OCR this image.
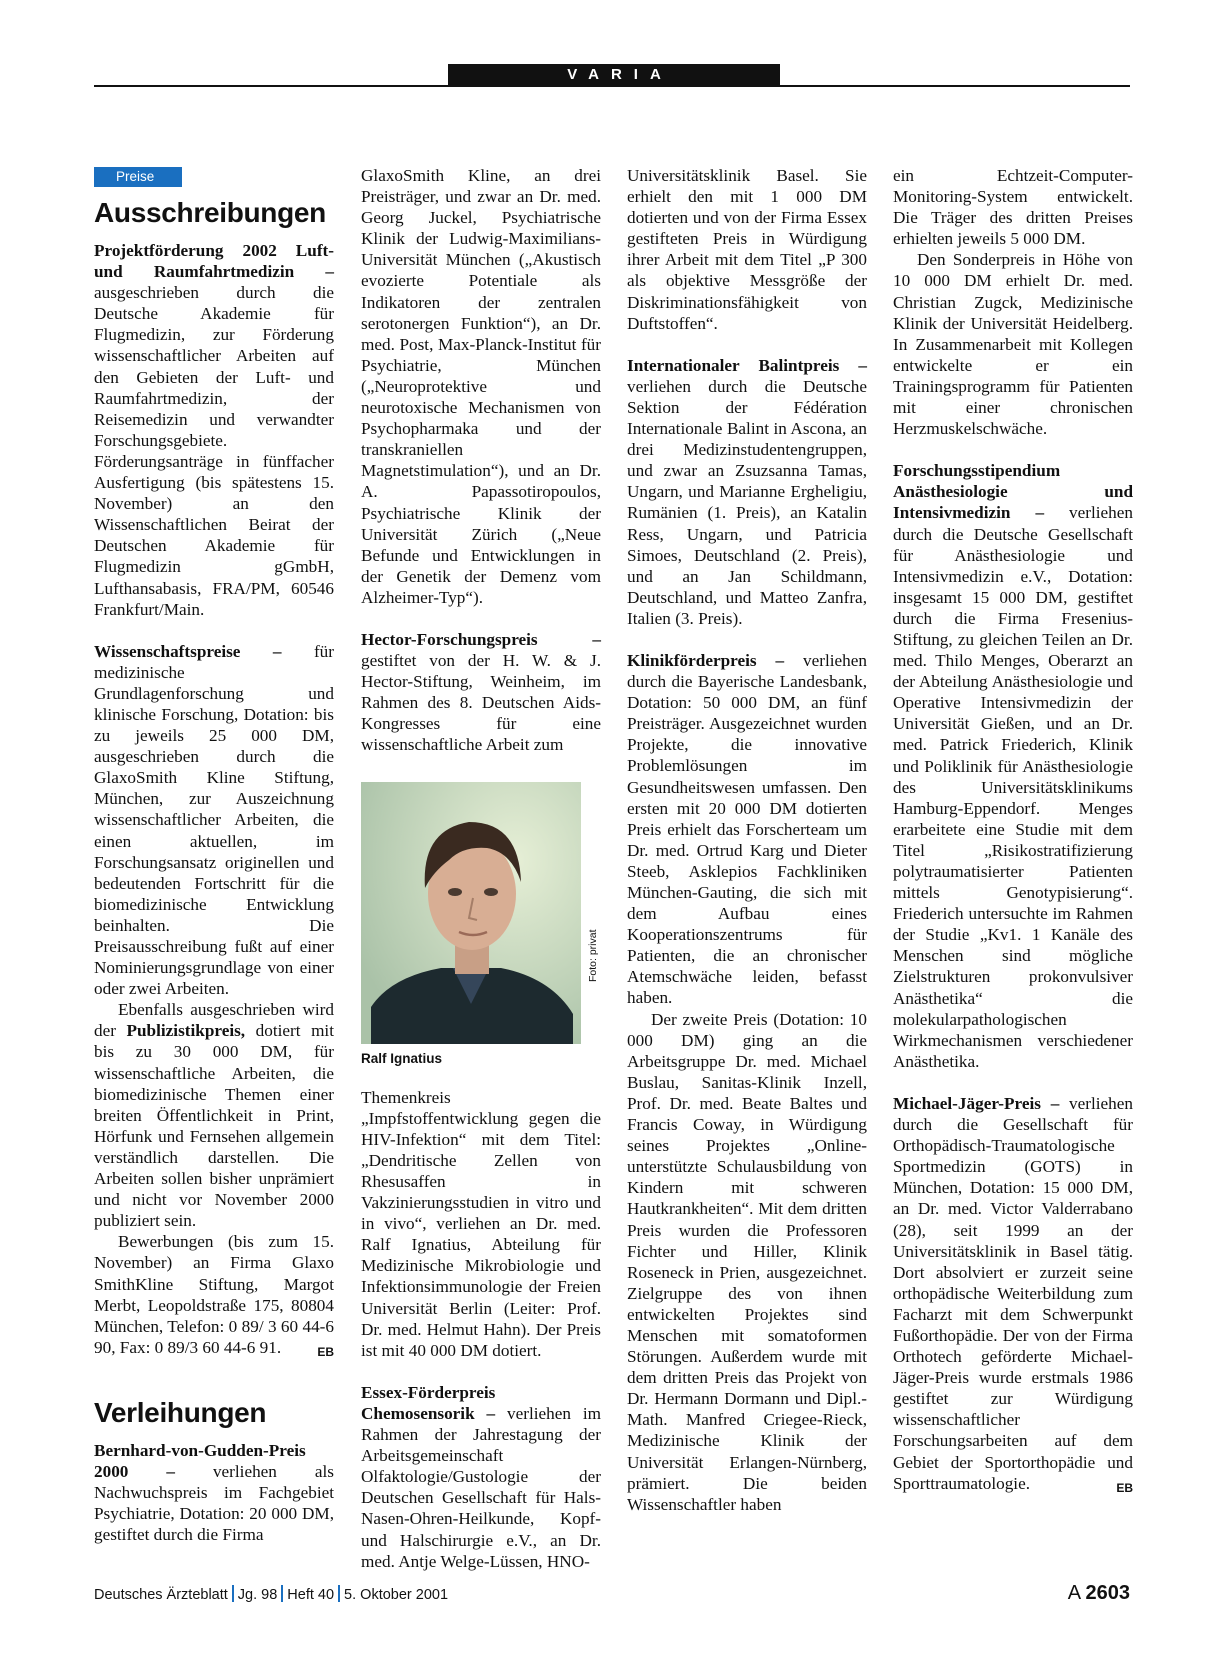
VARIA
Preise
Ausschreibungen

Projektförderung 2002 Luft- und Raumfahrtmedizin – ausgeschrieben durch die Deutsche Akademie für Flugmedizin, zur Förderung wissenschaftlicher Arbeiten auf den Gebieten der Luft- und Raumfahrtmedizin, der Reisemedizin und verwandter Forschungsgebiete. Förderungsanträge in fünffacher Ausfertigung (bis spätestens 15. November) an den Wissenschaftlichen Beirat der Deutschen Akademie für Flugmedizin gGmbH, Lufthansabasis, FRA/PM, 60546 Frankfurt/Main.

Wissenschaftspreise – für medizinische Grundlagenforschung und klinische Forschung, Dotation: bis zu jeweils 25 000 DM, ausgeschrieben durch die GlaxoSmith Kline Stiftung, München, zur Auszeichnung wissenschaftlicher Arbeiten, die einen aktuellen, im Forschungsansatz originellen und bedeutenden Fortschritt für die biomedizinische Entwicklung beinhalten. Die Preisausschreibung fußt auf einer Nominierungsgrundlage von einer oder zwei Arbeiten.

Ebenfalls ausgeschrieben wird der Publizistikpreis, dotiert mit bis zu 30 000 DM, für wissenschaftliche Arbeiten, die biomedizinische Themen einer breiten Öffentlichkeit in Print, Hörfunk und Fernsehen allgemein verständlich darstellen. Die Arbeiten sollen bisher unprämiert und nicht vor November 2000 publiziert sein.

Bewerbungen (bis zum 15. November) an Firma Glaxo SmithKline Stiftung, Margot Merbt, Leopoldstraße 175, 80804 München, Telefon: 0 89/ 3 60 44-6 90, Fax: 0 89/3 60 44-6 91.	EB

Verleihungen

Bernhard-von-Gudden-Preis 2000 – verliehen als Nachwuchspreis im Fachgebiet Psychiatrie, Dotation: 20 000 DM, gestiftet durch die Firma

GlaxoSmith Kline, an drei Preisträger, und zwar an Dr. med. Georg Juckel, Psychiatrische Klinik der Ludwig-Maximilians-Universität München („Akustisch evozierte Potentiale als Indikatoren der zentralen serotonergen Funktion“), an Dr. med. Post, Max-Planck-Institut für Psychiatrie, München („Neuroprotektive und neurotoxische Mechanismen von Psychopharmaka und der transkraniellen Magnetstimulation“), und an Dr. A. Papassotiropoulos, Psychiatrische Klinik der Universität Zürich („Neue Befunde und Entwicklungen in der Genetik der Demenz vom Alzheimer-Typ“).

Hector-Forschungspreis – gestiftet von der H. W. & J. Hector-Stiftung, Weinheim, im Rahmen des 8. Deutschen Aids-Kongresses für eine wissenschaftliche Arbeit zum

Foto: privat
Ralf Ignatius

Themenkreis „Impfstoffentwicklung gegen die HIV-Infektion“ mit dem Titel: „Dendritische Zellen von Rhesusaffen in Vakzinierungsstudien in vitro und in vivo“, verliehen an Dr. med. Ralf Ignatius, Abteilung für Medizinische Mikrobiologie und Infektionsimmunologie der Freien Universität Berlin (Leiter: Prof. Dr. med. Helmut Hahn). Der Preis ist mit 40 000 DM dotiert.

Essex-Förderpreis Chemosensorik – verliehen im Rahmen der Jahrestagung der Arbeitsgemeinschaft Olfaktologie/Gustologie der Deutschen Gesellschaft für Hals-Nasen-Ohren-Heilkunde, Kopf- und Halschirurgie e.V., an Dr. med. Antje Welge-Lüssen, HNO-

Universitätsklinik Basel. Sie erhielt den mit 1 000 DM dotierten und von der Firma Essex gestifteten Preis in Würdigung ihrer Arbeit mit dem Titel „P 300 als objektive Messgröße der Diskriminationsfähigkeit von Duftstoffen“.

Internationaler Balintpreis – verliehen durch die Deutsche Sektion der Fédération Internationale Balint in Ascona, an drei Medizinstudentengruppen, und zwar an Zsuzsanna Tamas, Ungarn, und Marianne Ergheligiu, Rumänien (1. Preis), an Katalin Ress, Ungarn, und Patricia Simoes, Deutschland (2. Preis), und an Jan Schildmann, Deutschland, und Matteo Zanfra, Italien (3. Preis).

Klinikförderpreis – verliehen durch die Bayerische Landesbank, Dotation: 50 000 DM, an fünf Preisträger. Ausgezeichnet wurden Projekte, die innovative Problemlösungen im Gesundheitswesen umfassen. Den ersten mit 20 000 DM dotierten Preis erhielt das Forscherteam um Dr. med. Ortrud Karg und Dieter Steeb, Asklepios Fachkliniken München-Gauting, die sich mit dem Aufbau eines Kooperationszentrums für Patienten, die an chronischer Atemschwäche leiden, befasst haben.

Der zweite Preis (Dotation: 10 000 DM) ging an die Arbeitsgruppe Dr. med. Michael Buslau, Sanitas-Klinik Inzell, Prof. Dr. med. Beate Baltes und Francis Coway, in Würdigung seines Projektes „Online-unterstützte Schulausbildung von Kindern mit schweren Hautkrankheiten“. Mit dem dritten Preis wurden die Professoren Fichter und Hiller, Klinik Roseneck in Prien, ausgezeichnet. Zielgruppe des von ihnen entwickelten Projektes sind Menschen mit somatoformen Störungen. Außerdem wurde mit dem dritten Preis das Projekt von Dr. Hermann Dormann und Dipl.-Math. Manfred Criegee-Rieck, Medizinische Klinik der Universität Erlangen-Nürnberg, prämiert. Die beiden Wissenschaftler haben

ein Echtzeit-Computer-Monitoring-System entwickelt. Die Träger des dritten Preises erhielten jeweils 5 000 DM.

Den Sonderpreis in Höhe von 10 000 DM erhielt Dr. med. Christian Zugck, Medizinische Klinik der Universität Heidelberg. In Zusammenarbeit mit Kollegen entwickelte er ein Trainingsprogramm für Patienten mit einer chronischen Herzmuskelschwäche.

Forschungsstipendium Anästhesiologie und Intensivmedizin – verliehen durch die Deutsche Gesellschaft für Anästhesiologie und Intensivmedizin e.V., Dotation: insgesamt 15 000 DM, gestiftet durch die Firma Fresenius-Stiftung, zu gleichen Teilen an Dr. med. Thilo Menges, Oberarzt an der Abteilung Anästhesiologie und Operative Intensivmedizin der Universität Gießen, und an Dr. med. Patrick Friederich, Klinik und Poliklinik für Anästhesiologie des Universitätsklinikums Hamburg-Eppendorf. Menges erarbeitete eine Studie mit dem Titel „Risikostratifizierung polytraumatisierter Patienten mittels Genotypisierung“. Friederich untersuchte im Rahmen der Studie „Kv1. 1 Kanäle des Menschen sind mögliche Zielstrukturen prokonvulsiver Anästhetika“ die molekularpathologischen Wirkmechanismen verschiedener Anästhetika.

Michael-Jäger-Preis – verliehen durch die Gesellschaft für Orthopädisch-Traumatologische Sportmedizin (GOTS) in München, Dotation: 15 000 DM, an Dr. med. Victor Valderrabano (28), seit 1999 an der Universitätsklinik in Basel tätig. Dort absolviert er zurzeit seine orthopädische Weiterbildung zum Facharzt mit dem Schwerpunkt Fußorthopädie. Der von der Firma Orthotech geförderte Michael-Jäger-Preis wurde erstmals 1986 gestiftet zur Würdigung wissenschaftlicher Forschungsarbeiten auf dem Gebiet der Sportorthopädie und Sporttraumatologie.	EB

Deutsches Ärzteblatt Jg. 98 Heft 40 5. Oktober 2001	A 2603
